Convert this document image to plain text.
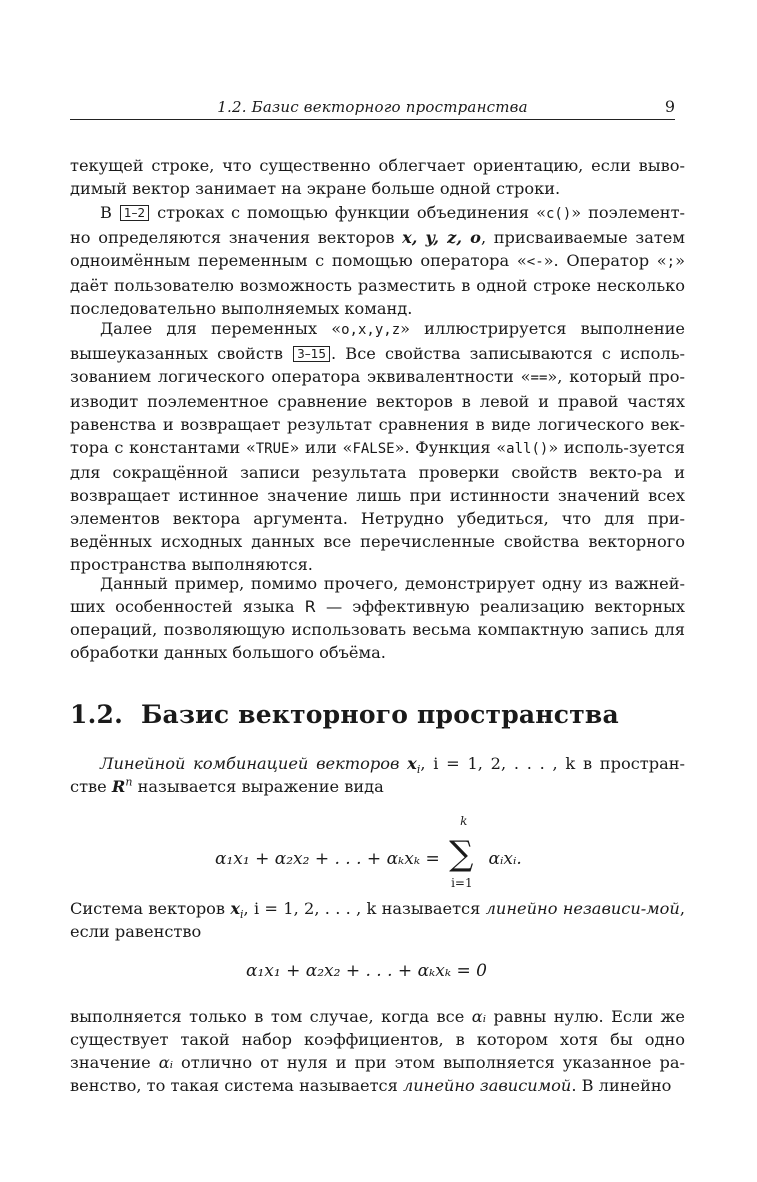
1.2. Базис векторного пространства	9

текущей строке, что существенно облегчает ориентацию, если выво- димый вектор занимает на экране больше одной строки.

В 1–2 строках с помощью функции объединения «c()» поэлемент-но определяются значения векторов x, y, z, o, присваиваемые затем одноимённым переменным с помощью оператора «<-». Оператор «;» даёт пользователю возможность разместить в одной строке несколько последовательно выполняемых команд.

Далее для переменных «o,x,y,z» иллюстрируется выполнение вышеуказанных свойств 3–15 . Все свойства записываются с исполь-зованием логического оператора эквивалентности «==», который про-изводит поэлементное сравнение векторов в левой и правой частях равенства и возвращает результат сравнения в виде логического век-тора с константами «TRUE» или «FALSE». Функция «all()» исполь-зуется для сокращённой записи результата проверки свойств векто-ра и возвращает истинное значение лишь при истинности значений всех элементов вектора аргумента. Нетрудно убедиться, что для при-ведённых исходных данных все перечисленные свойства векторного пространства выполняются.

Данный пример, помимо прочего, демонстрирует одну из важней-ших особенностей языка R — эффективную реализацию векторных операций, позволяющую использовать весьма компактную запись для обработки данных большого объёма.

1.2. Базис векторного пространства

Линейной комбинацией векторов $x_i$, i = 1, 2, . . . , k в простран-стве $R^n$ называется выражение вида

α₁x₁ + α₂x₂ + . . . + αₖxₖ =
k
∑
i=1
αᵢxᵢ.

Система векторов $x_i$, i = 1, 2, . . . , k называется линейно независи-мой, если равенство

α₁x₁ + α₂x₂ + . . . + αₖxₖ = 0

выполняется только в том случае, когда все αᵢ равны нулю. Если же существует такой набор коэффициентов, в котором хотя бы одно значение αᵢ отлично от нуля и при этом выполняется указанное ра-венство, то такая система называется линейно зависимой. В линейно
